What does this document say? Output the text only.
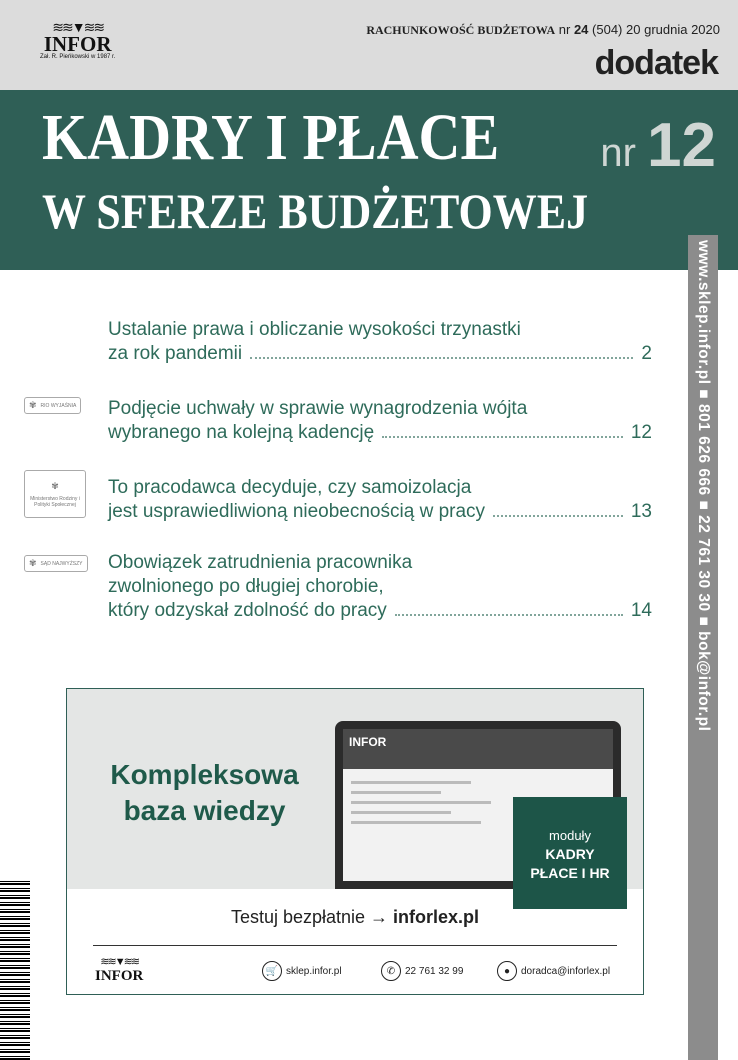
≋≋▼≋≋
INFOR
Zał. R. Pieńkowski w 1987 r.
RACHUNKOWOŚĆ BUDŻETOWA nr 24 (504) 20 grudnia 2020
dodatek
KADRY I PŁACE
W SFERZE BUDŻETOWEJ
nr 12
www.sklep.infor.pl ■ 801 626 666 ■ 22 761 30 30 ■ bok@infor.pl
Ustalanie prawa i obliczanie wysokości trzynastki
za rok pandemii	2
✾ RIO WYJAŚNIA Podjęcie uchwały w sprawie wynagrodzenia wójta
wybranego na kolejną kadencję	12
✾
Ministerstwo Rodziny i Polityki Społecznej
To pracodawca decyduje, czy samoizolacja
jest usprawiedliwioną nieobecnością w pracy	13
✾ SĄD NAJWYŻSZY Obowiązek zatrudnienia pracownika
zwolnionego po długiej chorobie,
który odzyskał zdolność do pracy	14
Kompleksowa
baza wiedzy
INFOR
moduły
KADRY
PŁACE I HR
Testuj bezpłatnie → inforlex.pl
≋≋▼≋≋
INFOR	🛒 sklep.infor.pl	✆ 22 761 32 99	●	doradca@inforlex.pl
